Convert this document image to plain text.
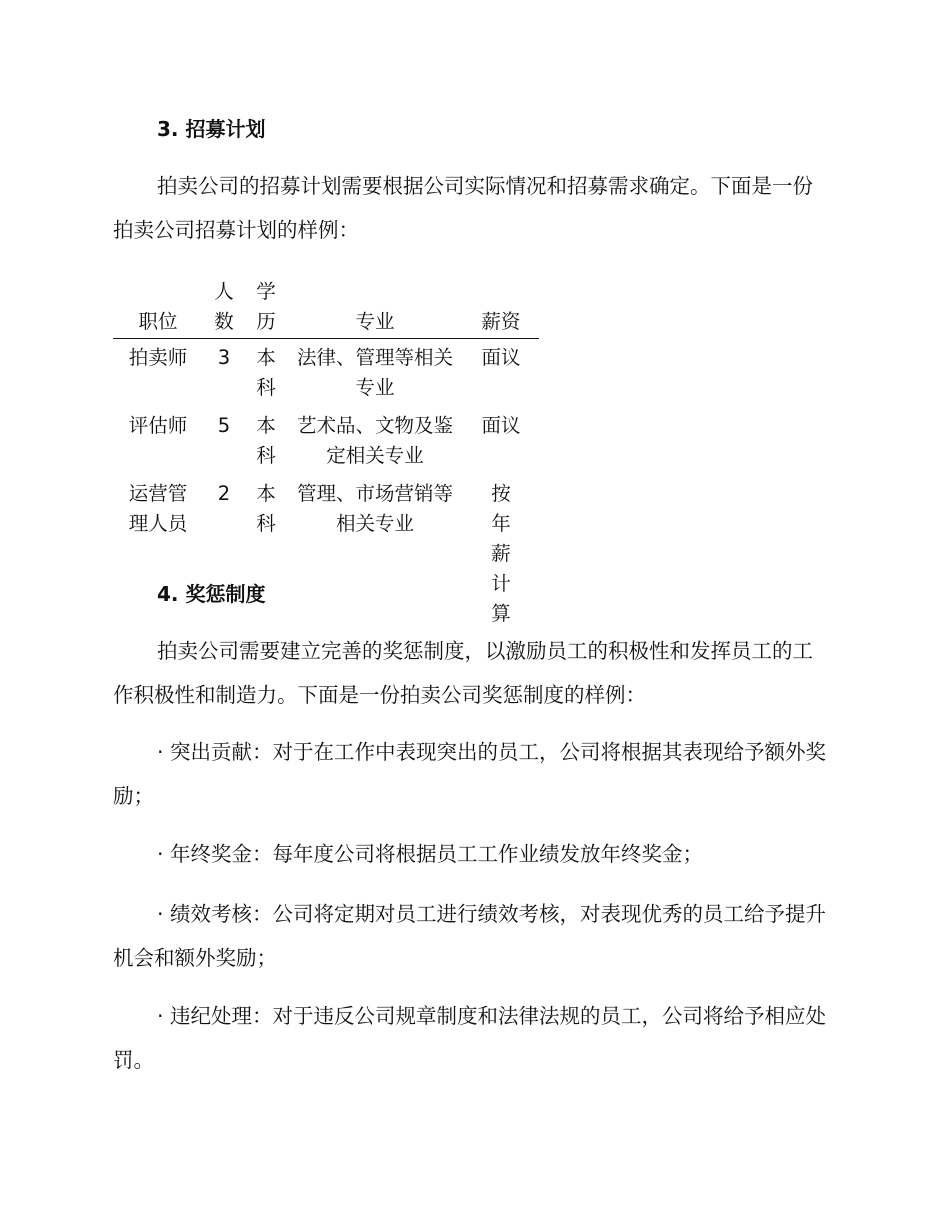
3. 招募计划

拍卖公司的招募计划需要根据公司实际情况和招募需求确定。下面是一份拍卖公司招募计划的样例：

职位	人数	学历	专业	薪资
拍卖师	3	本科	法律、管理等相关专业	面议
评估师	5	本科	艺术品、文物及鉴定相关专业	面议
运营管理人员	2	本科	管理、市场营销等相关专业	按年薪计算
4. 奖惩制度

拍卖公司需要建立完善的奖惩制度，以激励员工的积极性和发挥员工的工作积极性和制造力。下面是一份拍卖公司奖惩制度的样例：

· 突出贡献：对于在工作中表现突出的员工，公司将根据其表现给予额外奖励；

· 年终奖金：每年度公司将根据员工工作业绩发放年终奖金；

· 绩效考核：公司将定期对员工进行绩效考核，对表现优秀的员工给予提升机会和额外奖励；

· 违纪处理：对于违反公司规章制度和法律法规的员工，公司将给予相应处罚。
